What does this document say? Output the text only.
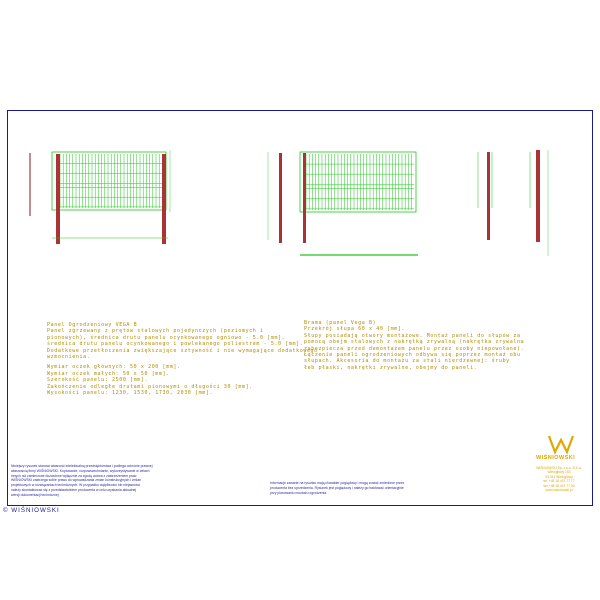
Panel Ogrodzeniowy VEGA B
Panel zgrzewany z prętów stalowych pojedynczych (poziomych i
pionowych), średnica drutu panelu ocynkowanego ogniowo - 5.0 [mm],
średnica drutu panelu ocynkowanego i powlekanego poliestrem - 5.0 [mm].
Dodatkowe przetłoczenia zwiększające sztywność i nie wymagające dodatkowego
wzmocnienia.
Wymiar oczek głównych: 50 x 200 [mm].
Wymiar oczek małych: 50 x 50 [mm].
Szerokość panelu: 2500 [mm].
Zakończenie odległe drutami pionowymi o długości 30 [mm].
Wysokości panelu: 1230, 1530, 1730, 2030 [mm].
Brama (panel Vega B)
Przekrój słupa 60 x 40 [mm].
Słupy posiadają otwory montażowe. Montaż paneli do słupów za
pomocą obejm stalowych z nakrętką zrywalną (nakrętka zrywalna
zabezpiecza przed demontażem panelu przez osoby niepowołane).
Łączenie paneli ogrodzeniowych odbywa się poprzez montaż obu
słupach. Akcesoria do montażu za stali nierdzewnej: śruby
łeb płaski, nakrętki zrywalne, obejmy do paneli.
Niniejszy rysunek stanowi własność intelektualną przedsiębiorstwa i podlega ochronie prawnej
własnością firmy WIŚNIOWSKI. Kopiowanie, rozpowszechnianie, wykorzystywanie w celach
innych niż zamierzone dozwolone wyłącznie za zgodą autora z zastrzeżeniem praw.
WIŚNIOWSKI zastrzega sobie prawo do wprowadzania zmian konstrukcyjnych i zmian
projektowych w rozwiązaniach technicznych. W przypadku wątpliwości lub niejasności
należy skontaktować się z przedstawicielem producenta w celu uzyskania aktualnej
wersji dokumentacji technicznej.
Informacje zawarte na rysunku mają charakter poglądowy i mogą zostać zmienione przez
producenta bez uprzedzenia. Rysunek jest poglądowy i należy go traktować orientacyjnie
przy planowaniu montażu ogrodzenia.
WIŚNIOWSKI
WIŚNIOWSKI Sp. z o.o. S.K.A.
Wielogłowy 153
33-311 Wielogłowy
tel. +48 18 447 77 77
fax +48 18 447 77 00
www.wisniowski.pl
© WIŚNIOWSKI
